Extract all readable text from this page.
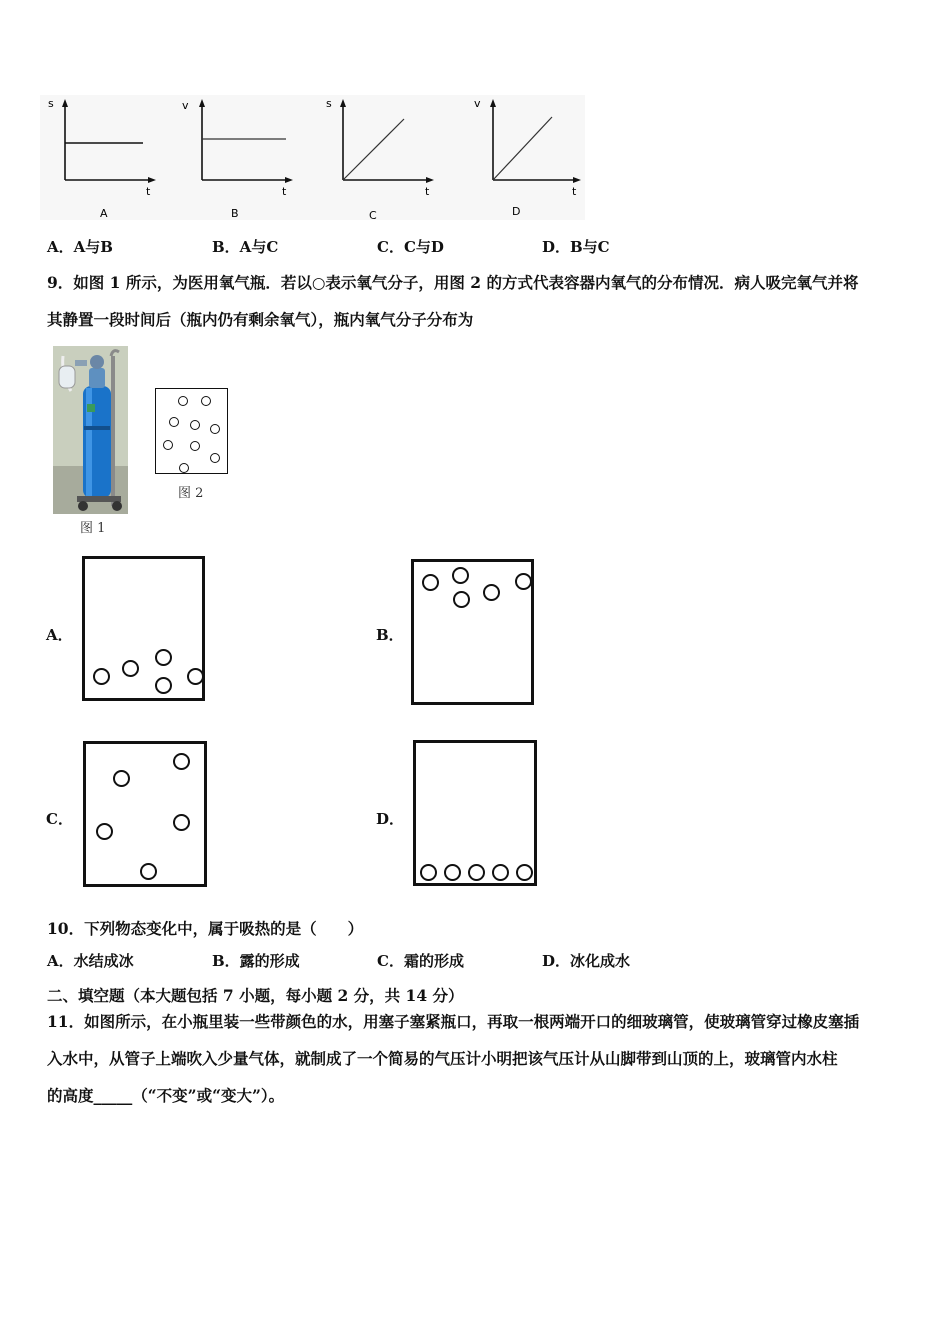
s
t
A
v
t
B
s
t
C
v
t
D
A．A与B	B．A与C	C．C与D	D．B与C
9．如图 1 所示，为医用氧气瓶．若以○表示氧气分子，用图 2 的方式代表容器内氧气的分布情况．病人吸完氧气并将
其静置一段时间后（瓶内仍有剩余氧气），瓶内氧气分子分布为
图 1
图 2
A．	B．
C．	D．
10．下列物态变化中，属于吸热的是（　　）
A．水结成冰	B．露的形成	C．霜的形成	D．冰化成水
二、填空题（本大题包括 7 小题，每小题 2 分，共 14 分）
11．如图所示，在小瓶里装一些带颜色的水，用塞子塞紧瓶口，再取一根两端开口的细玻璃管，使玻璃管穿过橡皮塞插
入水中，从管子上端吹入少量气体，就制成了一个简易的气压计小明把该气压计从山脚带到山顶的上，玻璃管内水柱
的高度_____（“不变”或“变大”）。
